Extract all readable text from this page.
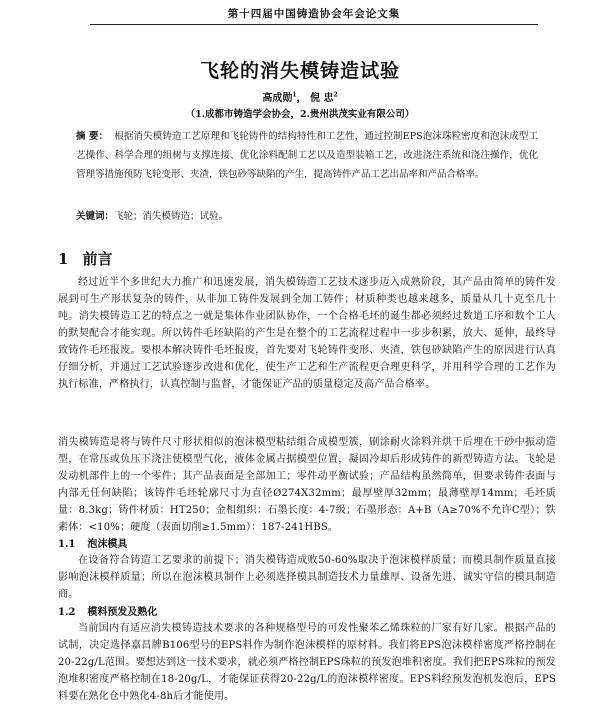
第十四届中国铸造协会年会论文集
飞轮的消失模铸造试验
高成勋$^1$， 倪 忠$^2$
（1.成都市铸造学会协会，2.贵州洪茂实业有限公司）
摘 要： 根据消失模铸造工艺原理和飞轮铸件的结构特性和工艺性，通过控制EPS泡沫珠粒密度和泡沫成型工艺操作、科学合理的组树与支撑连接、优化涂料配制工艺以及造型装箱工艺，改进浇注系统和浇注操作，优化管理等措施预防飞轮变形、夹渣，铁包砂等缺陷的产生，提高铸件产品工艺出品率和产品合格率。
关键词：飞轮；消失模铸造；试验。
1 前言
经过近半个多世纪大力推广和迅速发展，消失模铸造工艺技术逐步迈入成熟阶段，其产品由简单的铸件发展到可生产形状复杂的铸件，从非加工铸件发展到全加工铸件；材质种类也越来越多，质量从几十克至几十吨。消失模铸造工艺的特点之一就是集体作业团队协作，一个合格毛坯的诞生都必须经过数道工序和数个工人的默契配合才能实现。所以铸件毛坯缺陷的产生是在整个的工艺流程过程中一步步积累，放大、延伸，最终导致铸件毛坯报废。要根本解决铸件毛坯报废，首先要对飞轮铸件变形、夹渣，铁包砂缺陷产生的原因进行认真仔细分析，并通过工艺试验逐步改进和优化，使生产工艺和生产流程更合理更科学，并用科学合理的工艺作为执行标准，严格执行，认真控制与监督，才能保证产品的质量稳定及高产品合格率。
消失模铸造是将与铸件尺寸形状相似的泡沫模型粘结组合成模型簇，刷涂耐火涂料并烘干后埋在干砂中振动造型，在常压或负压下浇注使模型气化，液体金属占据模型位置，凝固冷却后形成铸件的新型铸造方法。飞轮是发动机部件上的一个零件；其产品表面是全部加工；零件动平衡试验；产品结构虽然简单，但要求铸件表面与内部无任何缺陷；该铸件毛坯轮廓尺寸为直径Ø274X32mm；最厚壁厚32mm；最薄壁厚14mm；毛坯质量：8.3kg；铸件材质：HT250；金相组织：石墨长度：4-7级；石墨形态：A+B（A≥70%不允许C型）；铁素体：<10%；硬度（表面切削≥1.5mm）：187-241HBS。
1.1 泡沫模具
在设备符合铸造工艺要求的前提下；消失模铸造成败50-60%取决于泡沫模样质量；而模具制作质量直接影响泡沫模样质量；所以在泡沫模具制作上必须选择模具制造技术力量雄厚、设备先进、诚实守信的模具制造商。
1.2 模料预发及熟化
当前国内有适应消失模铸造技术要求的各种规格型号的可发性聚苯乙烯珠粒的厂家有好几家。根据产品的试制，决定选择嘉昌牌B106型号的EPS料作为制作泡沫模样的原材料。我们将EPS泡沫模样密度严格控制在20-22g/L范围。要想达到这一技术要求，就必须严格控制EPS珠粒的预发泡堆积密度。我们把EPS珠粒的预发泡堆积密度严格控制在18-20g/L，才能保证获得20-22g/L的泡沫模样密度。EPS料经预发泡机发泡后，EPS料要在熟化仓中熟化4-8h后才能使用。
